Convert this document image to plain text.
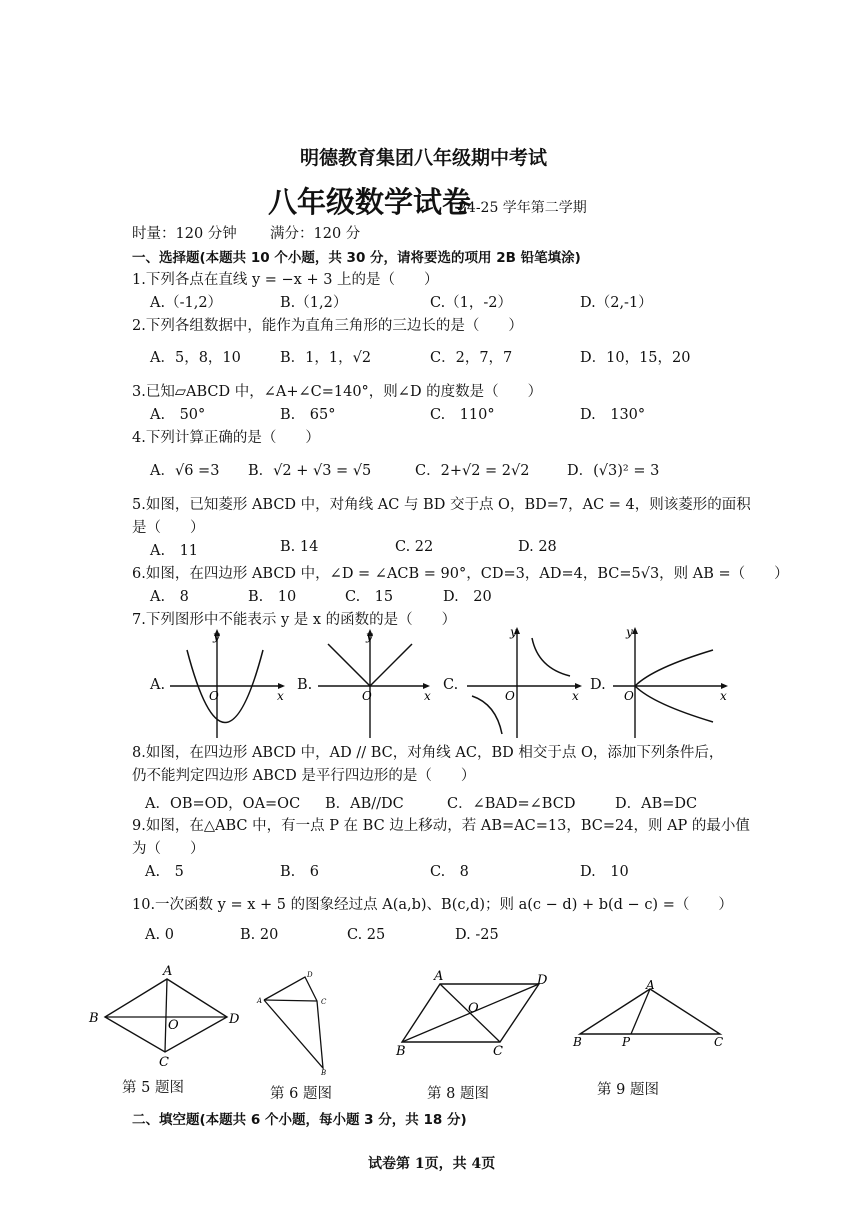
明德教育集团八年级期中考试
八年级数学试卷
24-25 学年第二学期
时量：120 分钟 满分：120 分
一、选择题(本题共 10 个小题，共 30 分，请将要选的项用 2B 铅笔填涂)
1.下列各点在直线 y = −x + 3 上的是（　　）
A.（-1,2）	B.（1,2）	C.（1，-2）	D.（2,-1）
2.下列各组数据中，能作为直角三角形的三边长的是（　　）
A．5，8，10	B．1，1，√2	C．2，7，7	D．10，15，20
3.已知▱ABCD 中，∠A+∠C=140°，则∠D 的度数是（　　）
A.　50°	B.　65°	C.　110°	D.　130°
4.下列计算正确的是（　　）
A．√6 =3 B．√2 + √3 = √5	C．2+√2 = 2√2	D．(√3)² = 3
5.如图，已知菱形 ABCD 中，对角线 AC 与 BD 交于点 O，BD=7，AC = 4，则该菱形的面积
是（　　）
A.　11	B. 14	C. 22	D. 28
6.如图，在四边形 ABCD 中，∠D = ∠ACB = 90°，CD=3，AD=4，BC=5√3，则 AB =（　　）
A.　8	B.　10	C.　15	D.　20
7.下列图形中不能表示 y 是 x 的函数的是（　　）
A.	B.	C.	D.
y
x
O
y
x
O
y
x
O
y
x
O
8.如图，在四边形 ABCD 中，AD // BC，对角线 AC，BD 相交于点 O，添加下列条件后，
仍不能判定四边形 ABCD 是平行四边形的是（　　）
A．OB=OD，OA=OC B．AB//DC	C．∠BAD=∠BCD	D．AB=DC
9.如图，在△ABC 中，有一点 P 在 BC 边上移动，若 AB=AC=13，BC=24，则 AP 的最小值
为（　　）
A.　5	B.　6	C.　8	D.　10
10.一次函数 y = x + 5 的图象经过点 A(a,b)、B(c,d)；则 a(c − d) + b(d − c) =（　　）
A. 0	B. 20	C. 25	D. -25
A
B	D
C
O
第 5 题图
D
A	C
B
第 6 题图
A	D
B	C
O
第 8 题图
A
B	P	C
第 9 题图
二、填空题(本题共 6 个小题，每小题 3 分，共 18 分)
试卷第 1页，共 4页
